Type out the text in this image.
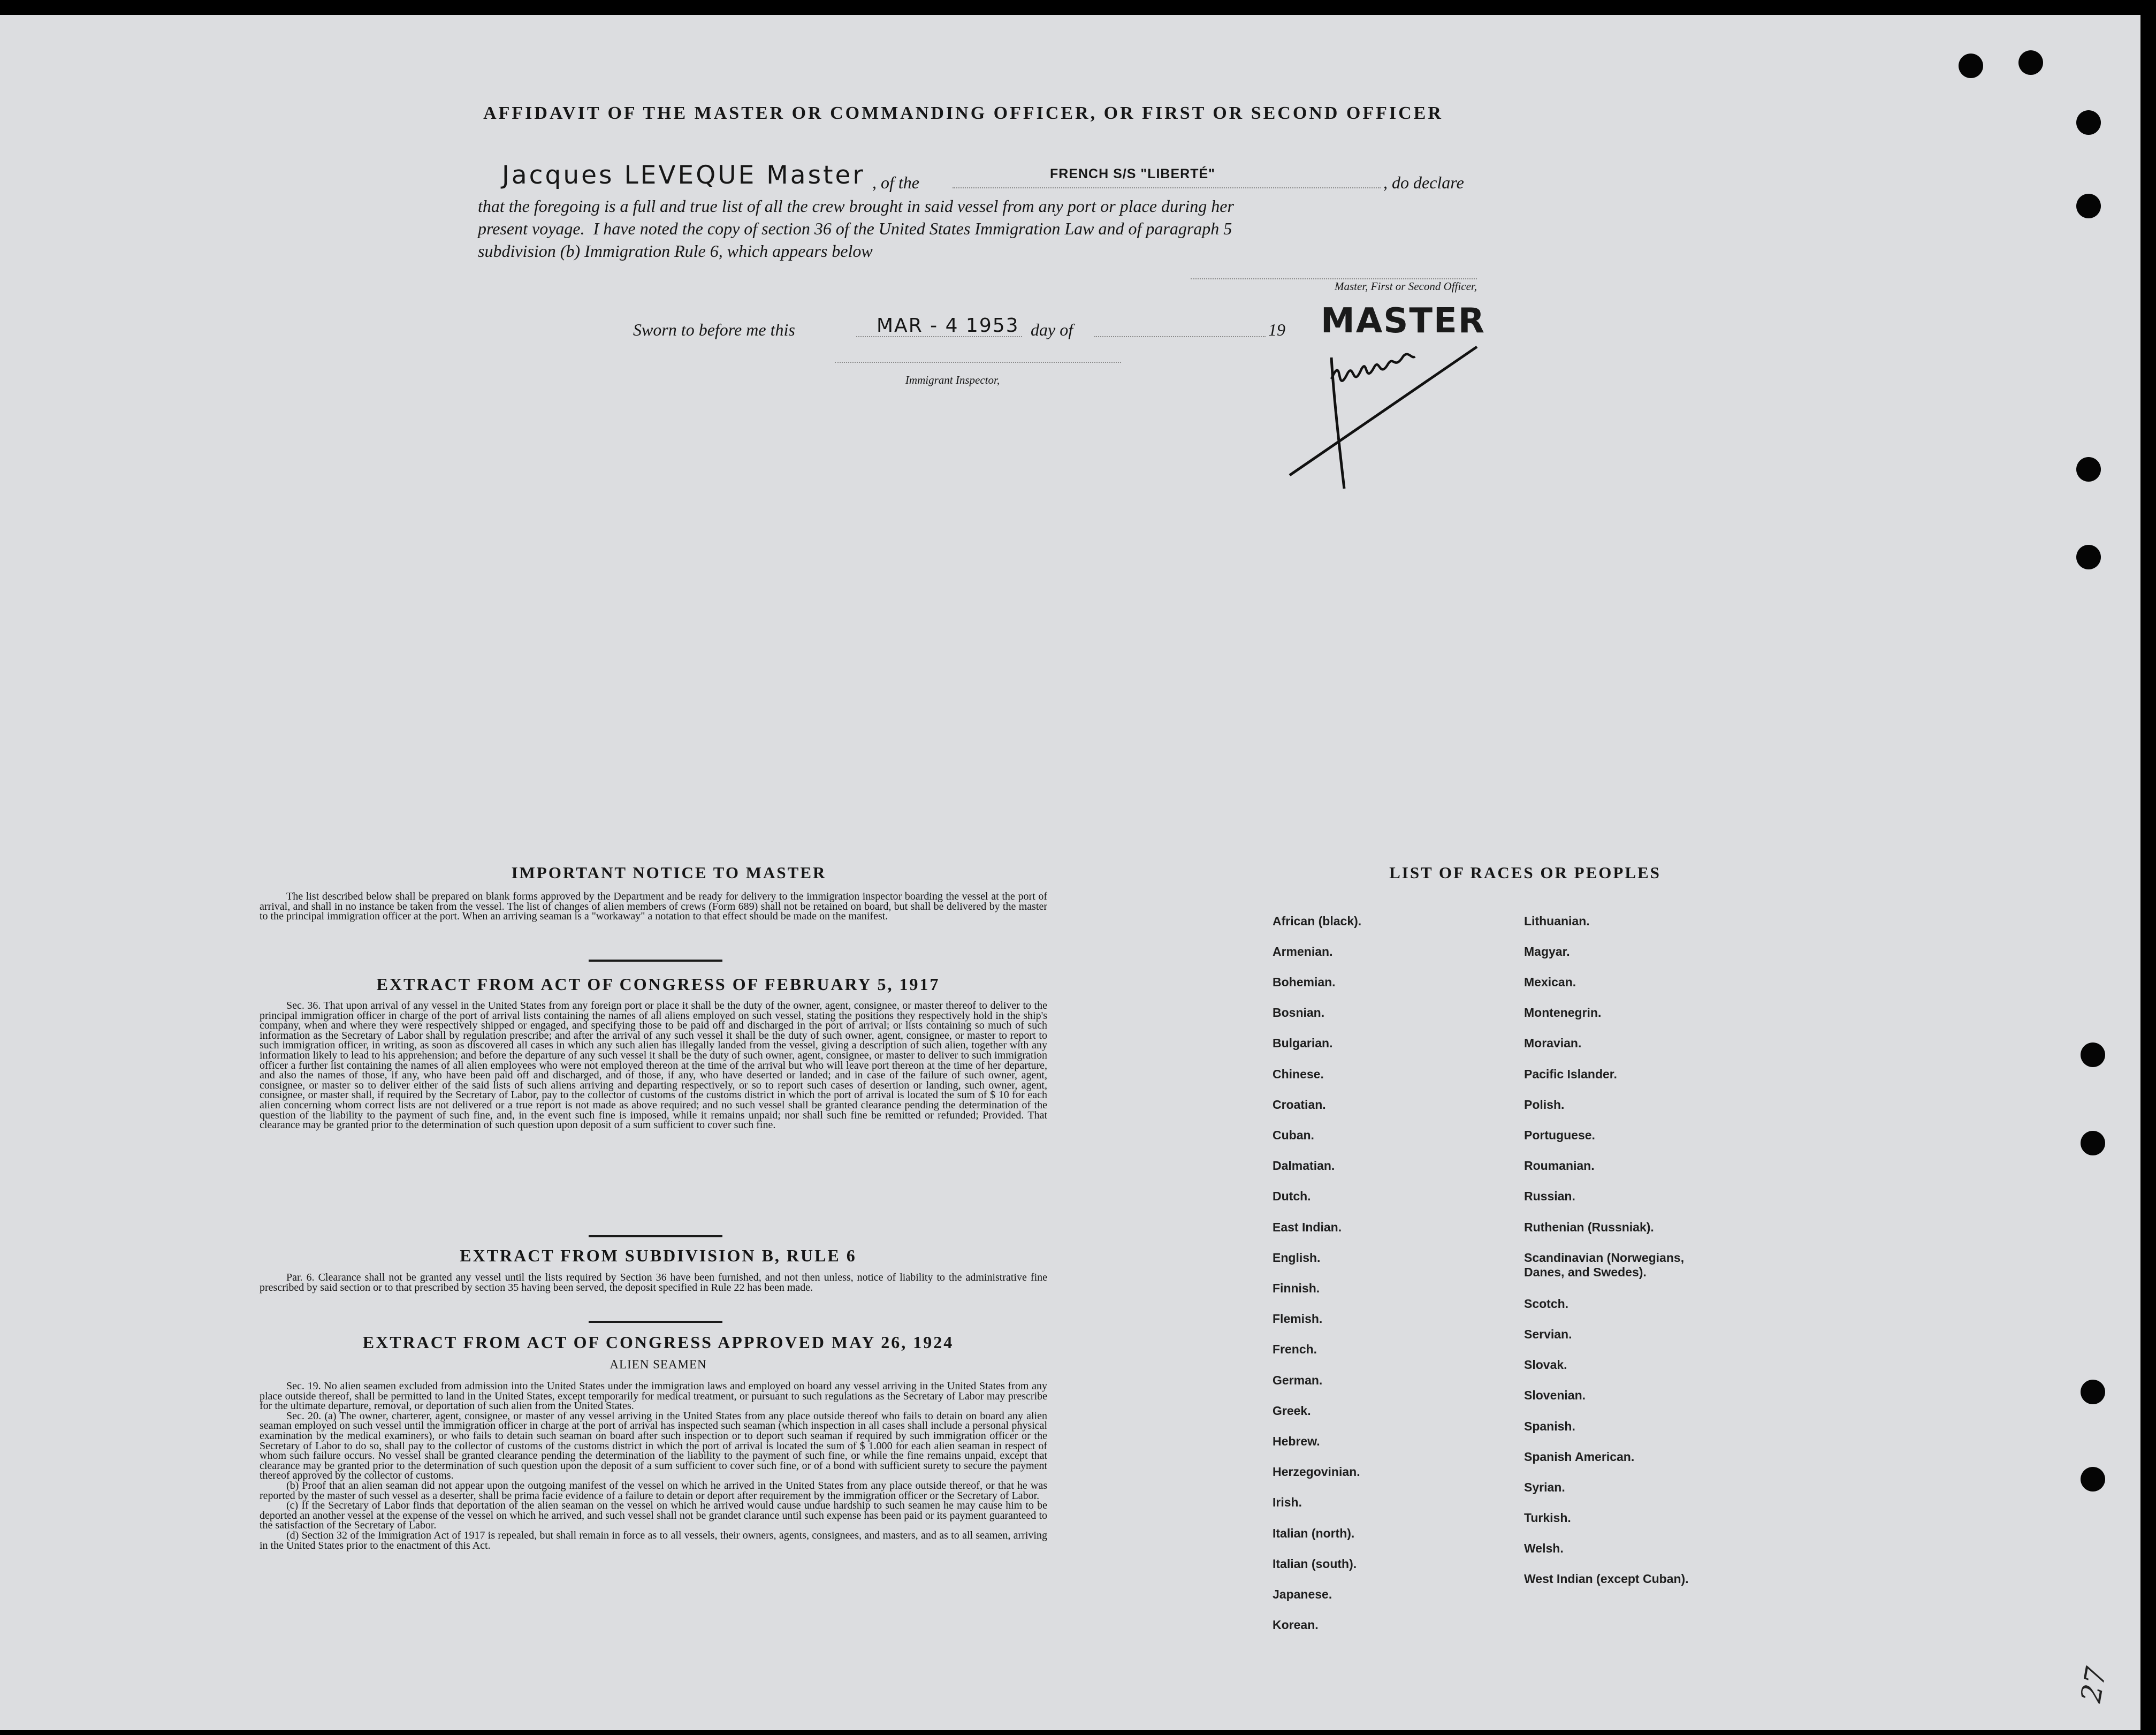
AFFIDAVIT OF THE MASTER OR COMMANDING OFFICER, OR FIRST OR SECOND OFFICER
Jacques LEVEQUE Master , of the	FRENCH S/S "LIBERTÉ"	, do declare
that the foregoing is a full and true list of all the crew brought in said vessel from any port or place during her
present voyage.  I have noted the copy of section 36 of the United States Immigration Law and of paragraph 5
subdivision (b) Immigration Rule 6, which appears below
Master, First or Second Officer,
Sworn to before me this	MAR - 4 1953 day of	19 MASTER
Immigrant Inspector,
IMPORTANT NOTICE TO MASTER
The list described below shall be prepared on blank forms approved by the Department and be ready for delivery to the immigration inspector boarding the vessel at the port of arrival, and shall in no instance be taken from the vessel. The list of changes of alien members of crews (Form 689) shall not be retained on board, but shall be delivered by the master to the principal immigration officer at the port. When an arriving seaman is a "workaway" a notation to that effect should be made on the manifest.
EXTRACT FROM ACT OF CONGRESS OF FEBRUARY 5, 1917
Sec. 36. That upon arrival of any vessel in the United States from any foreign port or place it shall be the duty of the owner, agent, consignee, or master thereof to deliver to the principal immigration officer in charge of the port of arrival lists containing the names of all aliens employed on such vessel, stating the positions they respectively hold in the ship's company, when and where they were respectively shipped or engaged, and specifying those to be paid off and discharged in the port of arrival; or lists containing so much of such information as the Secretary of Labor shall by regulation prescribe; and after the arrival of any such vessel it shall be the duty of such owner, agent, consignee, or master to report to such immigration officer, in writing, as soon as discovered all cases in which any such alien has illegally landed from the vessel, giving a description of such alien, together with any information likely to lead to his apprehension; and before the departure of any such vessel it shall be the duty of such owner, agent, consignee, or master to deliver to such immigration officer a further list containing the names of all alien employees who were not employed thereon at the time of the arrival but who will leave port thereon at the time of her departure, and also the names of those, if any, who have been paid off and discharged, and of those, if any, who have deserted or landed; and in case of the failure of such owner, agent, consignee, or master so to deliver either of the said lists of such aliens arriving and departing respectively, or so to report such cases of desertion or landing, such owner, agent, consignee, or master shall, if required by the Secretary of Labor, pay to the collector of customs of the customs district in which the port of arrival is located the sum of $ 10 for each alien concerning whom correct lists are not delivered or a true report is not made as above required; and no such vessel shall be granted clearance pending the determination of the question of the liability to the payment of such fine, and, in the event such fine is imposed, while it remains unpaid; nor shall such fine be remitted or refunded; Provided. That clearance may be granted prior to the determination of such question upon deposit of a sum sufficient to cover such fine.
EXTRACT FROM SUBDIVISION B, RULE 6
Par. 6. Clearance shall not be granted any vessel until the lists required by Section 36 have been furnished, and not then unless, notice of liability to the administrative fine prescribed by said section or to that prescribed by section 35 having been served, the deposit specified in Rule 22 has been made.
EXTRACT FROM ACT OF CONGRESS APPROVED MAY 26, 1924
ALIEN SEAMEN
Sec. 19. No alien seamen excluded from admission into the United States under the immigration laws and employed on board any vessel arriving in the United States from any place outside thereof, shall be permitted to land in the United States, except temporarily for medical treatment, or pursuant to such regulations as the Secretary of Labor may prescribe for the ultimate departure, removal, or deportation of such alien from the United States.
Sec. 20. (a) The owner, charterer, agent, consignee, or master of any vessel arriving in the United States from any place outside thereof who fails to detain on board any alien seaman employed on such vessel until the immigration officer in charge at the port of arrival has inspected such seaman (which inspection in all cases shall include a personal physical examination by the medical examiners), or who fails to detain such seaman on board after such inspection or to deport such seaman if required by such immigration officer or the Secretary of Labor to do so, shall pay to the collector of customs of the customs district in which the port of arrival is located the sum of $ 1.000 for each alien seaman in respect of whom such failure occurs. No vessel shall be granted clearance pending the determination of the liability to the payment of such fine, or while the fine remains unpaid, except that clearance may be granted prior to the determination of such question upon the deposit of a sum sufficient to cover such fine, or of a bond with sufficient surety to secure the payment thereof approved by the collector of customs.
(b) Proof that an alien seaman did not appear upon the outgoing manifest of the vessel on which he arrived in the United States from any place outside thereof, or that he was reported by the master of such vessel as a deserter, shall be prima facie evidence of a failure to detain or deport after requirement by the immigration officer or the Secretary of Labor.
(c) If the Secretary of Labor finds that deportation of the alien seaman on the vessel on which he arrived would cause undue hardship to such seamen he may cause him to be deported an another vessel at the expense of the vessel on which he arrived, and such vessel shall not be grandet clarance until such expense has been paid or its payment guaranteed to the satisfaction of the Secretary of Labor.
(d) Section 32 of the Immigration Act of 1917 is repealed, but shall remain in force as to all vessels, their owners, agents, consignees, and masters, and as to all seamen, arriving in the United States prior to the enactment of this Act.
LIST OF RACES OR PEOPLES
African (black).
Armenian.
Bohemian.
Bosnian.
Bulgarian.
Chinese.
Croatian.
Cuban.
Dalmatian.
Dutch.
East Indian.
English.
Finnish.
Flemish.
French.
German.
Greek.
Hebrew.
Herzegovinian.
Irish.
Italian (north).
Italian (south).
Japanese.
Korean.
Lithuanian.
Magyar.
Mexican.
Montenegrin.
Moravian.
Pacific Islander.
Polish.
Portuguese.
Roumanian.
Russian.
Ruthenian (Russniak).
Scandinavian (Norwegians, Danes, and Swedes).
Scotch.
Servian.
Slovak.
Slovenian.
Spanish.
Spanish American.
Syrian.
Turkish.
Welsh.
West Indian (except Cuban).
27
